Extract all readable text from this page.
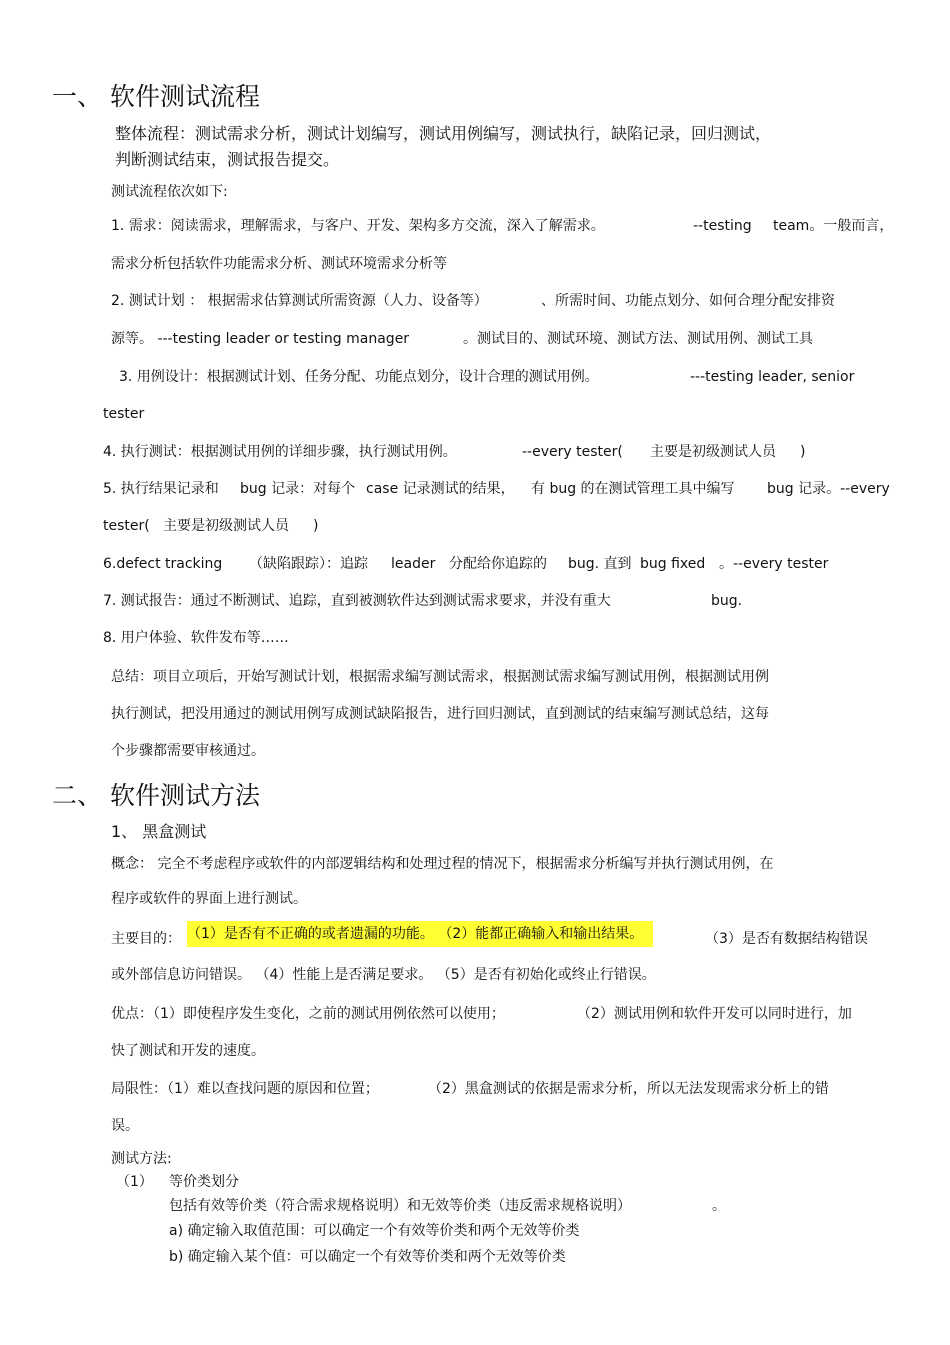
一、 软件测试流程
整体流程：测试需求分析，测试计划编写，测试用例编写，测试执行，缺陷记录，回归测试，
判断测试结束，测试报告提交。
测试流程依次如下:
1. 需求：阅读需求，理解需求，与客户、开发、架构多方交流，深入了解需求。	--testing team。一般而言，
需求分析包括软件功能需求分析、测试环境需求分析等
2. 测试计划 ： 根据需求估算测试所需资源（人力、设备等）	、所需时间、功能点划分、如何合理分配安排资
源等。 ---testing leader or testing manager	。测试目的、测试环境、测试方法、测试用例、测试工具
3. 用例设计：根据测试计划、任务分配、功能点划分，设计合理的测试用例。	---testing leader, senior
tester
4. 执行测试：根据测试用例的详细步骤，执行测试用例。	--every tester( 主要是初级测试人员 )
5. 执行结果记录和 bug 记录：对每个 case 记录测试的结果， 有 bug 的在测试管理工具中编写 bug 记录。--every
tester( 主要是初级测试人员 )
6.defect tracking （缺陷跟踪）：追踪 leader 分配给你追踪的 bug. 直到 bug fixed 。--every tester
7. 测试报告：通过不断测试、追踪，直到被测软件达到测试需求要求，并没有重大	bug.
8. 用户体验、软件发布等……
总结：项目立项后，开始写测试计划，根据需求编写测试需求，根据测试需求编写测试用例，根据测试用例
执行测试，把没用通过的测试用例写成测试缺陷报告，进行回归测试，直到测试的结束编写测试总结，这每
个步骤都需要审核通过。
二、 软件测试方法
1、 黑盒测试
概念： 完全不考虑程序或软件的内部逻辑结构和处理过程的情况下，根据需求分析编写并执行测试用例，在
程序或软件的界面上进行测试。
主要目的： （1）是否有不正确的或者遗漏的功能。 （2）能都正确输入和输出结果。	（3）是否有数据结构错误
或外部信息访问错误。 （4）性能上是否满足要求。 （5）是否有初始化或终止行错误。
优点：（1）即使程序发生变化，之前的测试用例依然可以使用；	（2）测试用例和软件开发可以同时进行，加
快了测试和开发的速度。
局限性：（1）难以查找问题的原因和位置；	（2）黑盒测试的依据是需求分析，所以无法发现需求分析上的错
误。
测试方法:
（1） 等价类划分
包括有效等价类（符合需求规格说明）和无效等价类（违反需求规格说明）	。
a) 确定输入取值范围：可以确定一个有效等价类和两个无效等价类
b) 确定输入某个值：可以确定一个有效等价类和两个无效等价类
